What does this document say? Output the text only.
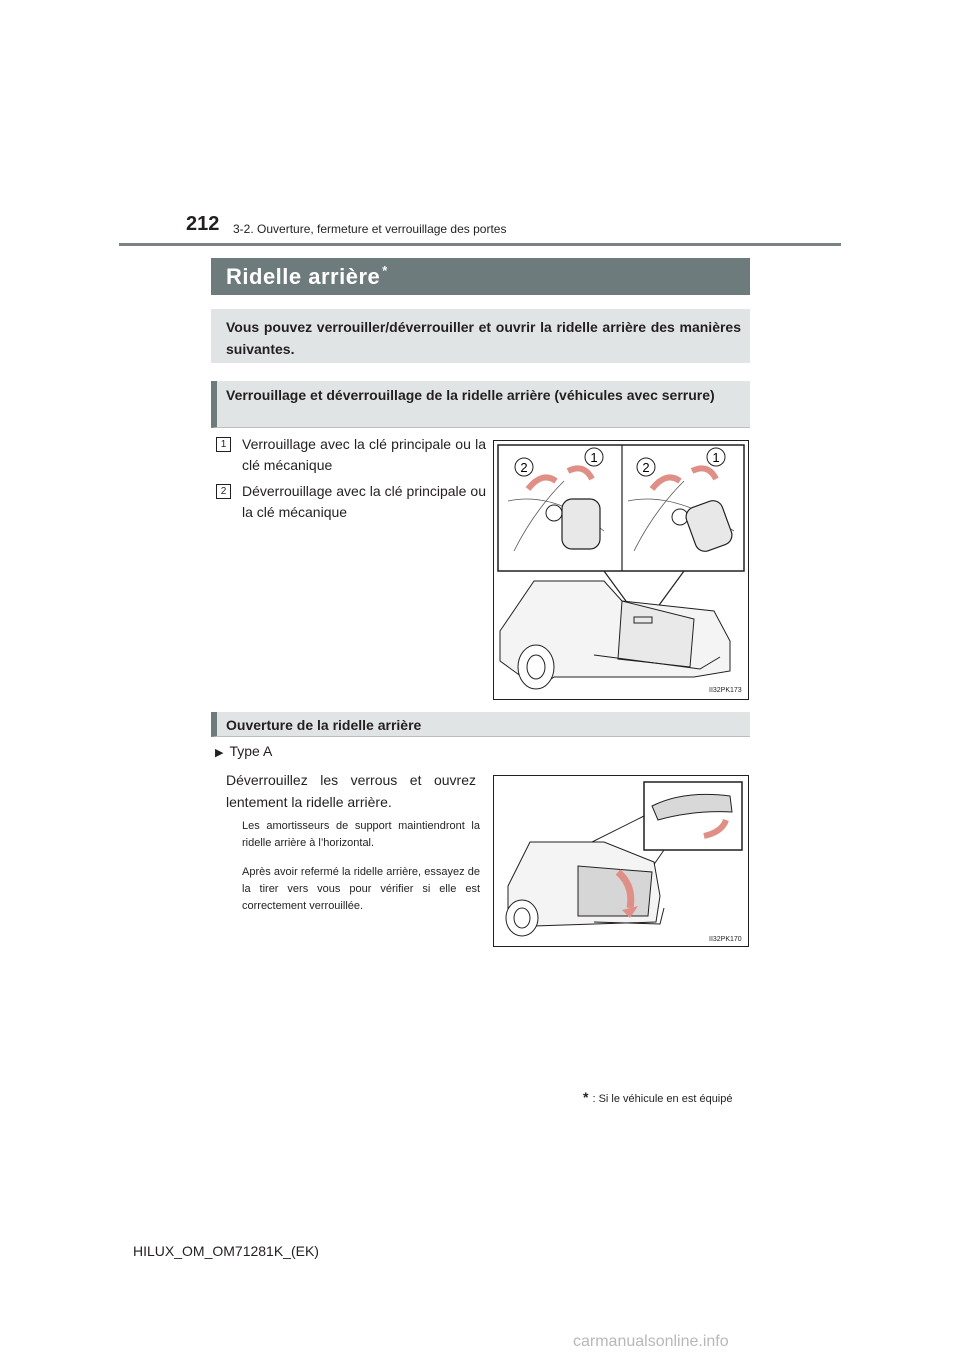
212 3-2. Ouverture, fermeture et verrouillage des portes
Ridelle arrière *
Vous pouvez verrouiller/déverrouiller et ouvrir la ridelle arrière des manières suivantes.
Verrouillage et déverrouillage de la ridelle arrière (véhicules avec serrure)
1	Verrouillage avec la clé principale ou la clé mécanique
2	Déverrouillage avec la clé principale ou la clé mécanique
2
1
2
1
II32PK173
Ouverture de la ridelle arrière
▶ Type A
Déverrouillez les verrous et ouvrez lentement la ridelle arrière.
Les amortisseurs de support maintiendront la ridelle arrière à l’horizontal.
Après avoir refermé la ridelle arrière, essayez de la tirer vers vous pour vérifier si elle est correctement verrouillée.
II32PK170
* : Si le véhicule en est équipé
HILUX_OM_OM71281K_(EK)
carmanualsonline.info
